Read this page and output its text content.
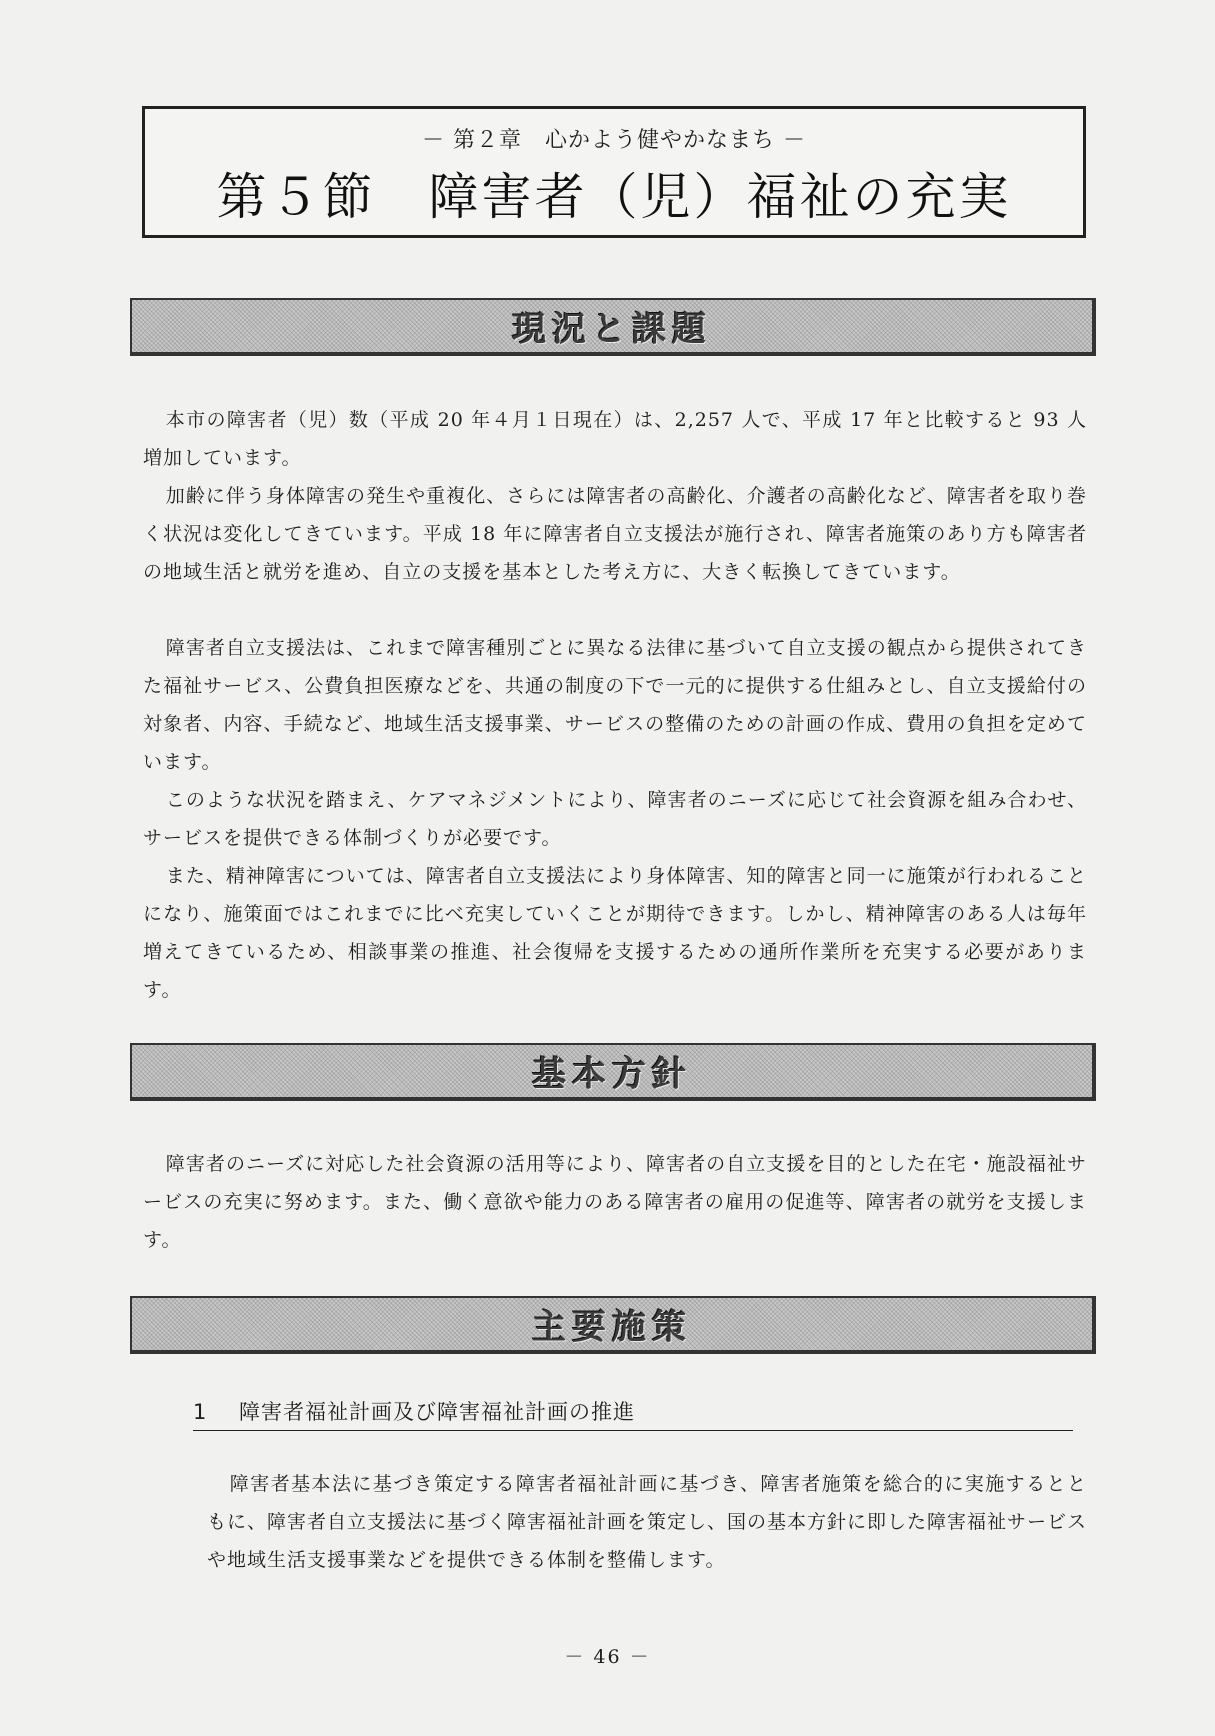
－ 第２章　心かよう健やかなまち －
第５節　障害者（児）福祉の充実
現況と課題

本市の障害者（児）数（平成 20 年４月１日現在）は、2,257 人で、平成 17 年と比較すると 93 人増加しています。

加齢に伴う身体障害の発生や重複化、さらには障害者の高齢化、介護者の高齢化など、障害者を取り巻く状況は変化してきています。平成 18 年に障害者自立支援法が施行され、障害者施策のあり方も障害者の地域生活と就労を進め、自立の支援を基本とした考え方に、大きく転換してきています。

障害者自立支援法は、これまで障害種別ごとに異なる法律に基づいて自立支援の観点から提供されてきた福祉サービス、公費負担医療などを、共通の制度の下で一元的に提供する仕組みとし、自立支援給付の対象者、内容、手続など、地域生活支援事業、サービスの整備のための計画の作成、費用の負担を定めています。

このような状況を踏まえ、ケアマネジメントにより、障害者のニーズに応じて社会資源を組み合わせ、サービスを提供できる体制づくりが必要です。

また、精神障害については、障害者自立支援法により身体障害、知的障害と同一に施策が行われることになり、施策面ではこれまでに比べ充実していくことが期待できます。しかし、精神障害のある人は毎年増えてきているため、相談事業の推進、社会復帰を支援するための通所作業所を充実する必要があります。

基本方針

障害者のニーズに対応した社会資源の活用等により、障害者の自立支援を目的とした在宅・施設福祉サービスの充実に努めます。また、働く意欲や能力のある障害者の雇用の促進等、障害者の就労を支援します。

主要施策
1 障害者福祉計画及び障害福祉計画の推進

障害者基本法に基づき策定する障害者福祉計画に基づき、障害者施策を総合的に実施するとともに、障害者自立支援法に基づく障害福祉計画を策定し、国の基本方針に即した障害福祉サービスや地域生活支援事業などを提供できる体制を整備します。

－ 46 －
